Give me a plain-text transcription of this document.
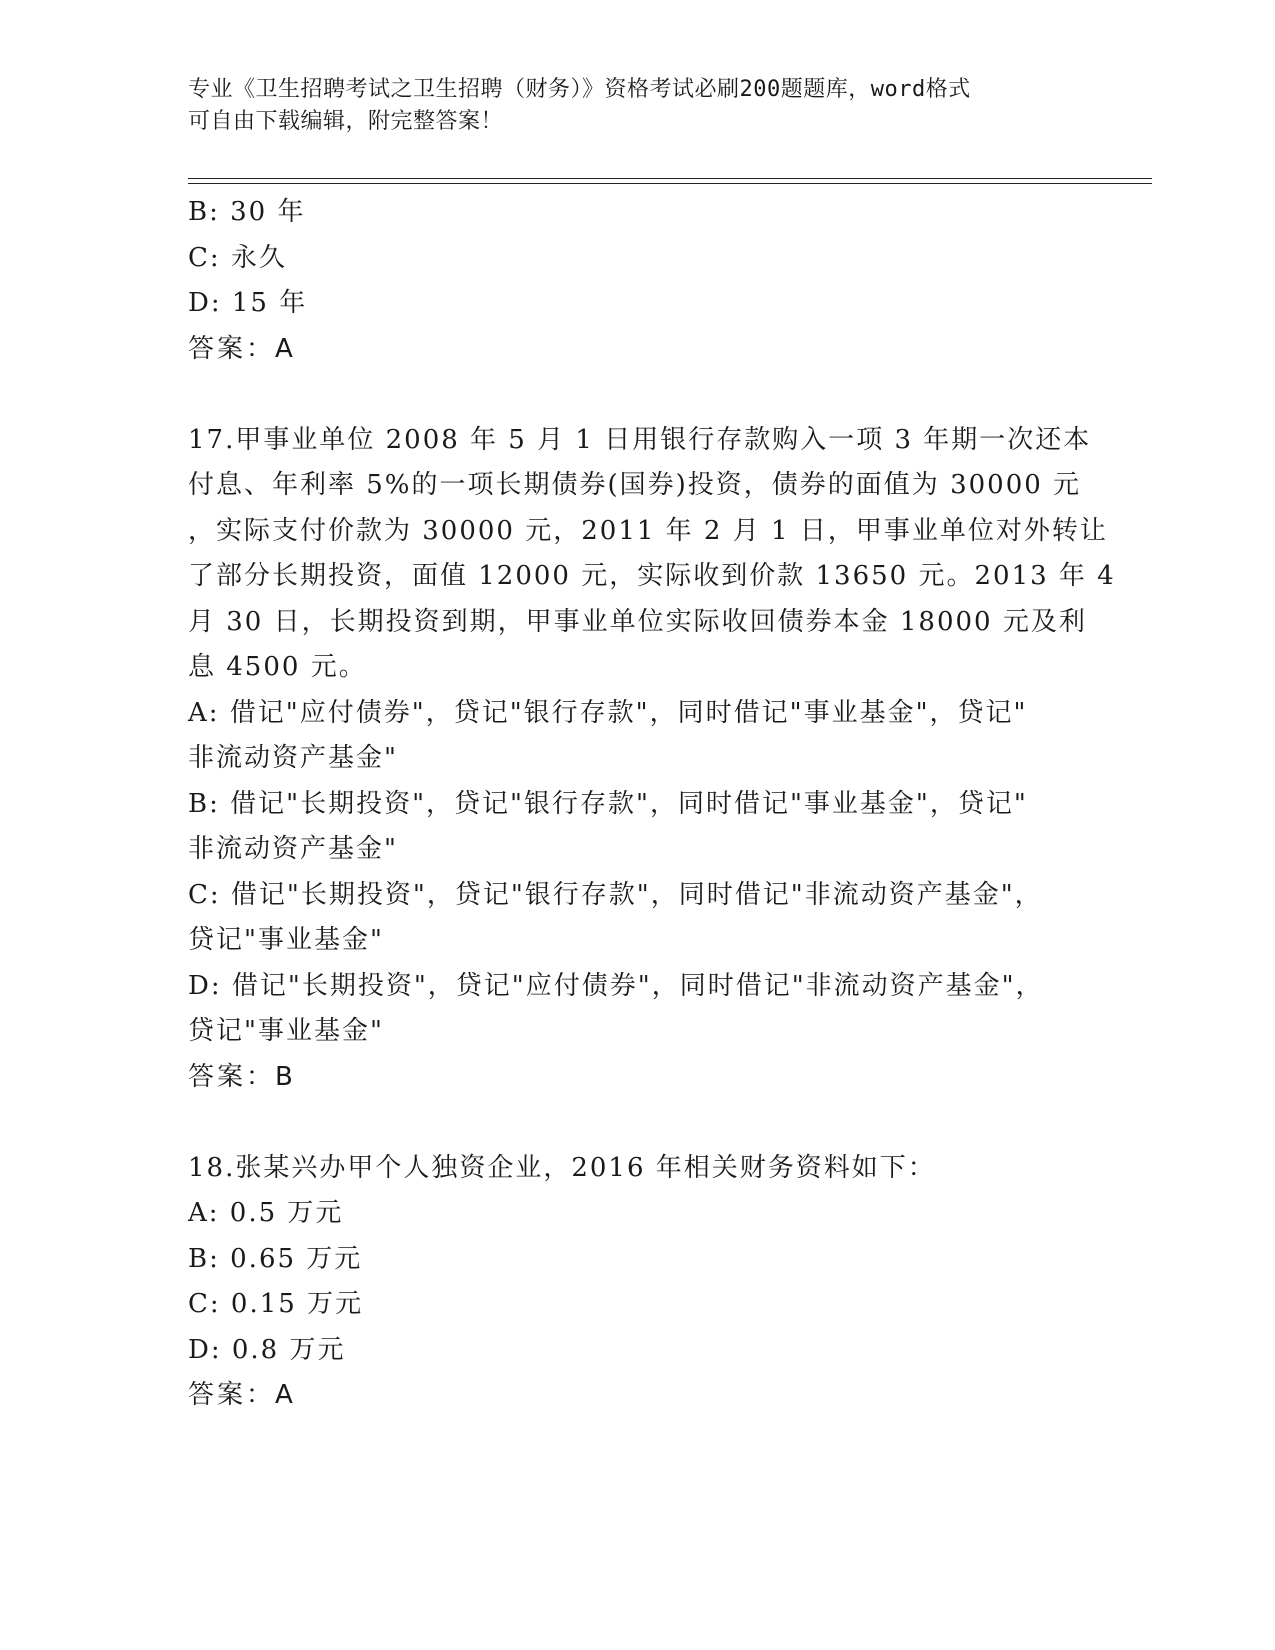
专业《卫生招聘考试之卫生招聘（财务）》资格考试必刷200题题库，word格式
可自由下载编辑，附完整答案！
B: 30 年
C: 永久
D: 15 年
答案：A
17.甲事业单位 2008 年 5 月 1 日用银行存款购入一项 3 年期一次还本
付息、年利率 5%的一项长期债券(国券)投资，债券的面值为 30000 元
，实际支付价款为 30000 元，2011 年 2 月 1 日，甲事业单位对外转让
了部分长期投资，面值 12000 元，实际收到价款 13650 元。2013 年 4
月 30 日，长期投资到期，甲事业单位实际收回债券本金 18000 元及利
息 4500 元。
A: 借记"应付债券"，贷记"银行存款"，同时借记"事业基金"，贷记"
非流动资产基金"
B: 借记"长期投资"，贷记"银行存款"，同时借记"事业基金"，贷记"
非流动资产基金"
C: 借记"长期投资"，贷记"银行存款"，同时借记"非流动资产基金"，
贷记"事业基金"
D: 借记"长期投资"，贷记"应付债券"，同时借记"非流动资产基金"，
贷记"事业基金"
答案：B
18.张某兴办甲个人独资企业，2016 年相关财务资料如下：
A: 0.5 万元
B: 0.65 万元
C: 0.15 万元
D: 0.8 万元
答案：A
